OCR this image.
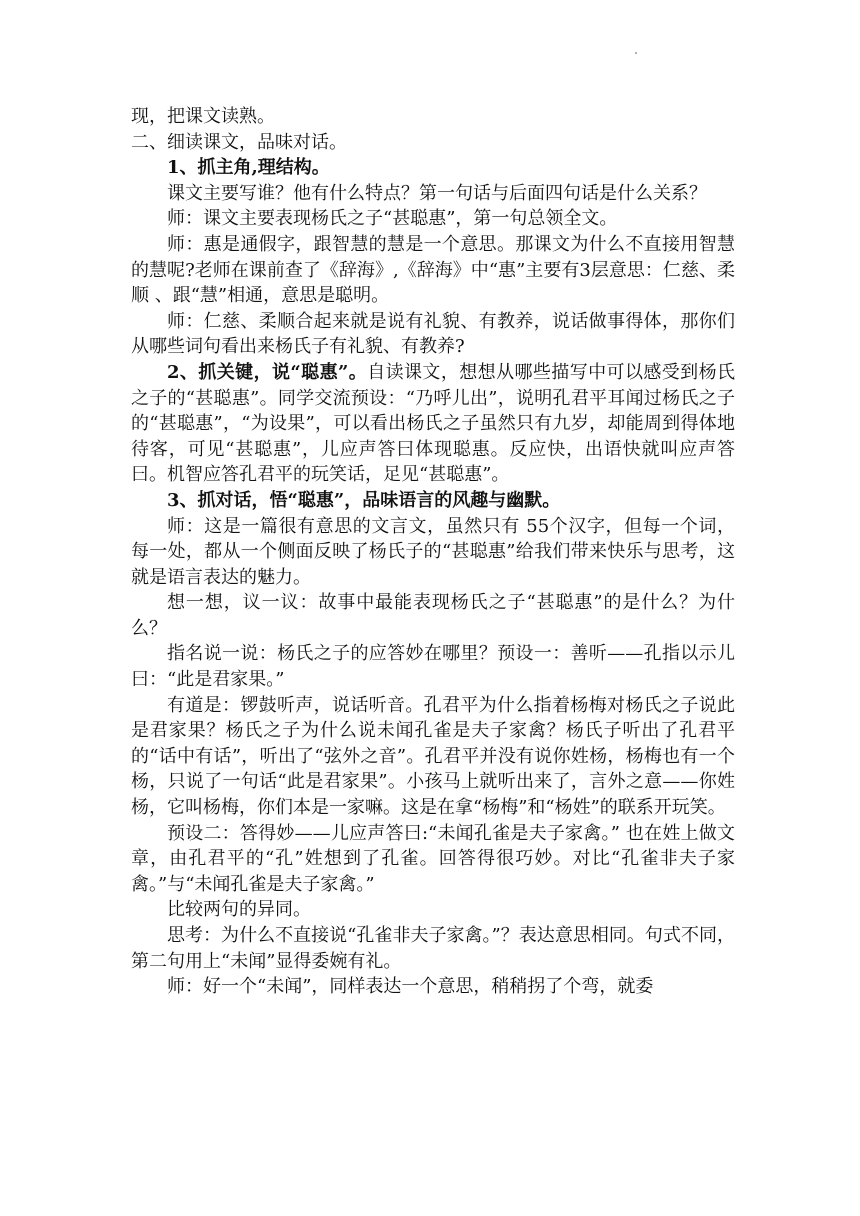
现，把课文读熟。

二、细读课文，品味对话。

1、抓主角,理结构。

课文主要写谁？他有什么特点？第一句话与后面四句话是什么关系？

师：课文主要表现杨氏之子“甚聪惠”，第一句总领全文。

师：惠是通假字，跟智慧的慧是一个意思。那课文为什么不直接用智慧的慧呢?老师在课前查了《辞海》,《辞海》中“惠”主要有3层意思：仁慈、柔顺 、跟“慧”相通，意思是聪明。

师：仁慈、柔顺合起来就是说有礼貌、有教养，说话做事得体，那你们从哪些词句看出来杨氏子有礼貌、有教养?

2、抓关键，说“聪惠”。自读课文，想想从哪些描写中可以感受到杨氏之子的“甚聪惠”。同学交流预设：“乃呼儿出”，说明孔君平耳闻过杨氏之子的“甚聪惠”，“为设果”，可以看出杨氏之子虽然只有九岁，却能周到得体地待客，可见“甚聪惠”，儿应声答曰体现聪惠。反应快，出语快就叫应声答曰。机智应答孔君平的玩笑话，足见“甚聪惠”。

3、抓对话，悟“聪惠”，品味语言的风趣与幽默。

师：这是一篇很有意思的文言文，虽然只有 55个汉字，但每一个词，每一处，都从一个侧面反映了杨氏子的“甚聪惠”给我们带来快乐与思考，这就是语言表达的魅力。

想一想，议一议：故事中最能表现杨氏之子“甚聪惠”的是什么？为什么？

指名说一说：杨氏之子的应答妙在哪里？预设一：善听——孔指以示儿曰：“此是君家果。”

有道是：锣鼓听声，说话听音。孔君平为什么指着杨梅对杨氏之子说此是君家果？杨氏之子为什么说未闻孔雀是夫子家禽？杨氏子听出了孔君平的“话中有话”，听出了“弦外之音”。孔君平并没有说你姓杨，杨梅也有一个杨，只说了一句话“此是君家果”。小孩马上就听出来了，言外之意——你姓杨，它叫杨梅，你们本是一家嘛。这是在拿“杨梅”和“杨姓”的联系开玩笑。

预设二：答得妙——儿应声答曰:“未闻孔雀是夫子家禽。” 也在姓上做文章，由孔君平的“孔”姓想到了孔雀。回答得很巧妙。对比“孔雀非夫子家禽。”与“未闻孔雀是夫子家禽。”

比较两句的异同。

思考：为什么不直接说“孔雀非夫子家禽。”？表达意思相同。句式不同，第二句用上“未闻”显得委婉有礼。

师：好一个“未闻”，同样表达一个意思，稍稍拐了个弯，就委
